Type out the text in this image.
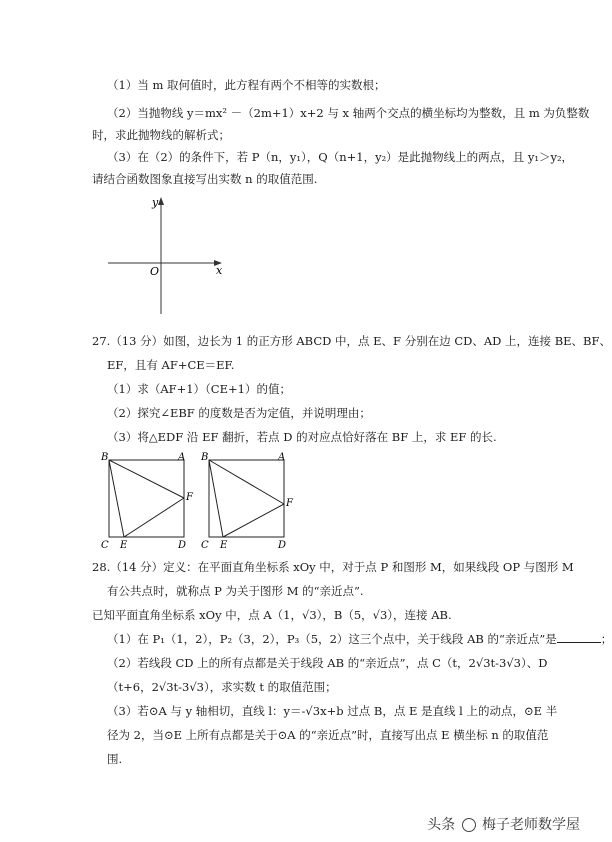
（1）当 m 取何值时，此方程有两个不相等的实数根；
（2）当抛物线 y＝mx² －（2m+1）x+2 与 x 轴两个交点的横坐标均为整数，且 m 为负整数
时，求此抛物线的解析式；
（3）在（2）的条件下，若 P（n，y₁），Q（n+1，y₂）是此抛物线上的两点，且 y₁＞y₂，
请结合函数图象直接写出实数 n 的取值范围.
y
x
O
27.（13 分）如图，边长为 1 的正方形 ABCD 中，点 E、F 分别在边 CD、AD 上，连接 BE、BF、
EF，且有 AF+CE＝EF.
（1）求（AF+1）（CE+1）的值；
（2）探究∠EBF 的度数是否为定值，并说明理由；
（3）将△EDF 沿 EF 翻折，若点 D 的对应点恰好落在 BF 上，求 EF 的长.
B	A
F
C E	D
B	A
F
C E	D
28.（14 分）定义：在平面直角坐标系 xOy 中，对于点 P 和图形 M，如果线段 OP 与图形 M
有公共点时，就称点 P 为关于图形 M 的“亲近点”.
已知平面直角坐标系 xOy 中，点 A（1，√3），B（5，√3），连接 AB.
（1）在 P₁（1，2），P₂（3，2），P₃（5，2）这三个点中，关于线段 AB 的“亲近点”是	；
（2）若线段 CD 上的所有点都是关于线段 AB 的“亲近点”，点 C（t，2√3t-3√3）、D
（t+6，2√3t-3√3），求实数 t 的取值范围；
（3）若⊙A 与 y 轴相切，直线 l：y＝-√3x+b 过点 B，点 E 是直线 l 上的动点，⊙E 半
径为 2，当⊙E 上所有点都是关于⊙A 的“亲近点”时，直接写出点 E 横坐标 n 的取值范
围.
头条 梅子老师数学屋
